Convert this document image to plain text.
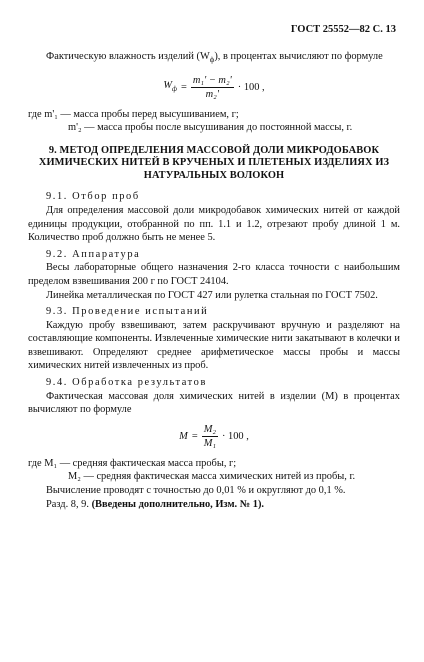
ГОСТ 25552—82 С. 13

Фактическую влажность изделий $(W_ф)$, в процентах вычисляют по формуле

$W_ф = \frac{\text{m₁' − m₂'}}{\text{m₂'}} \cdot 100$ ,

где m'₁ — масса пробы перед высушиванием, г;

m'₂ — масса пробы после высушивания до постоянной массы, г.

9. МЕТОД ОПРЕДЕЛЕНИЯ МАССОВОЙ ДОЛИ МИКРОДОБАВОК ХИМИЧЕСКИХ НИТЕЙ В КРУЧЕНЫХ И ПЛЕТЕНЫХ ИЗДЕЛИЯХ ИЗ НАТУРАЛЬНЫХ ВОЛОКОН

9.1. Отбор проб

Для определения массовой доли микродобавок химических нитей от каждой единицы продукции, отобранной по пп. 1.1 и 1.2, отрезают пробу длиной 1 м. Количество проб должно быть не менее 5.

9.2. Аппаратура

Весы лабораторные общего назначения 2-го класса точности с наибольшим пределом взвешивания 200 г по ГОСТ 24104.

Линейка металлическая по ГОСТ 427 или рулетка стальная по ГОСТ 7502.

9.3. Проведение испытаний

Каждую пробу взвешивают, затем раскручивают вручную и разделяют на составляющие компоненты. Извлеченные химические нити закатывают в колечки и взвешивают. Определяют среднее арифметическое массы пробы и массы химических нитей извлеченных из проб.

9.4. Обработка результатов

Фактическая массовая доля химических нитей в изделии (М) в процентах вычисляют по формуле

$M = \frac{\text{M₂}}{\text{M₁}} \cdot 100$ ,

где M₁ — средняя фактическая масса пробы, г;

M₂ — средняя фактическая масса химических нитей из пробы, г.

Вычисление проводят с точностью до 0,01 % и округляют до 0,1 %.

Разд. 8, 9. (Введены дополнительно, Изм. № 1).
